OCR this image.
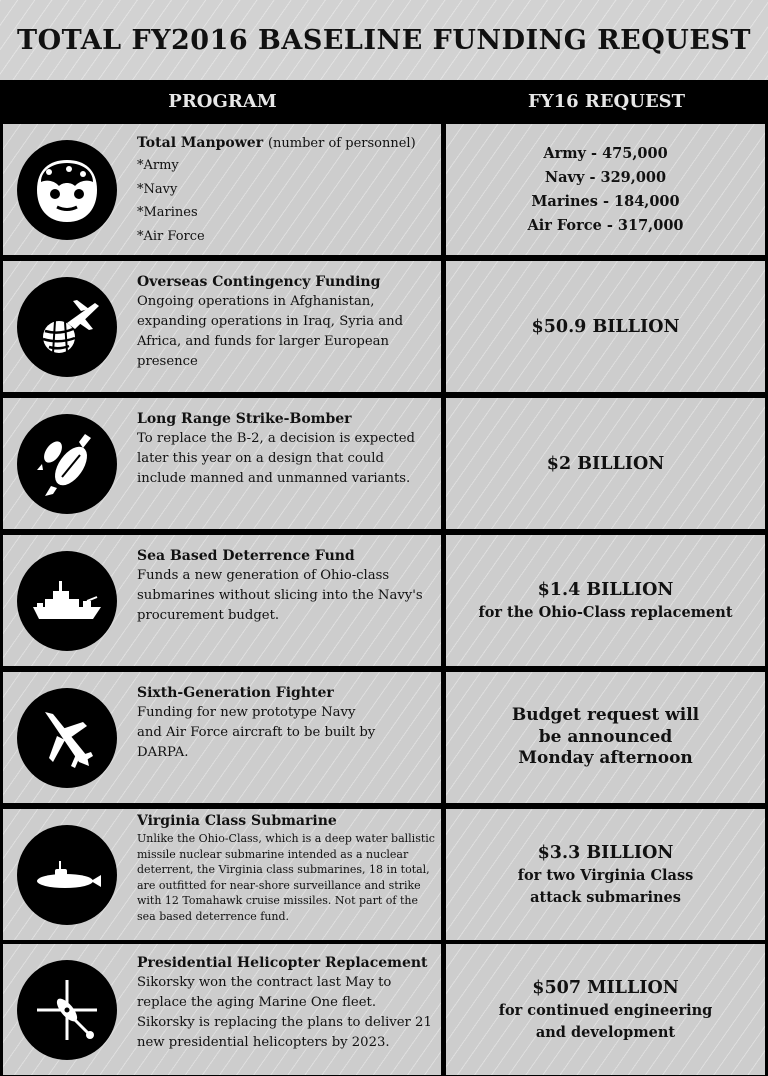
TOTAL FY2016 BASELINE FUNDING REQUEST
PROGRAM	FY16 REQUEST
Total Manpower (number of personnel)
*Army
*Navy
*Marines
*Air Force
Army - 475,000
Navy - 329,000
Marines - 184,000
Air Force - 317,000
Overseas Contingency Funding
Ongoing operations in Afghanistan, expanding operations in Iraq, Syria and Africa, and funds for larger European presence
$50.9 BILLION
Long Range Strike-Bomber
To replace the B-2, a decision is expected later this year on a design that could include manned and unmanned variants.
$2 BILLION
Sea Based Deterrence Fund
Funds a new generation of Ohio-class submarines without slicing into the Navy's procurement budget.
$1.4 BILLION
for the Ohio-Class replacement
Sixth-Generation Fighter
Funding for new prototype Navy and Air Force aircraft to be built by DARPA.
Budget request will be announced Monday afternoon
Virginia Class Submarine
Unlike the Ohio-Class, which is a deep water ballistic missile nuclear submarine intended as a nuclear deterrent, the Virginia class submarines, 18 in total, are outfitted for near-shore surveillance and strike with 12 Tomahawk cruise missiles. Not part of the sea based deterrence fund.
$3.3 BILLION
for two Virginia Class attack submarines
Presidential Helicopter Replacement
Sikorsky won the contract last May to replace the aging Marine One fleet. Sikorsky is replacing the plans to deliver 21 new presidential helicopters by 2023.
$507 MILLION
for continued engineering and development
